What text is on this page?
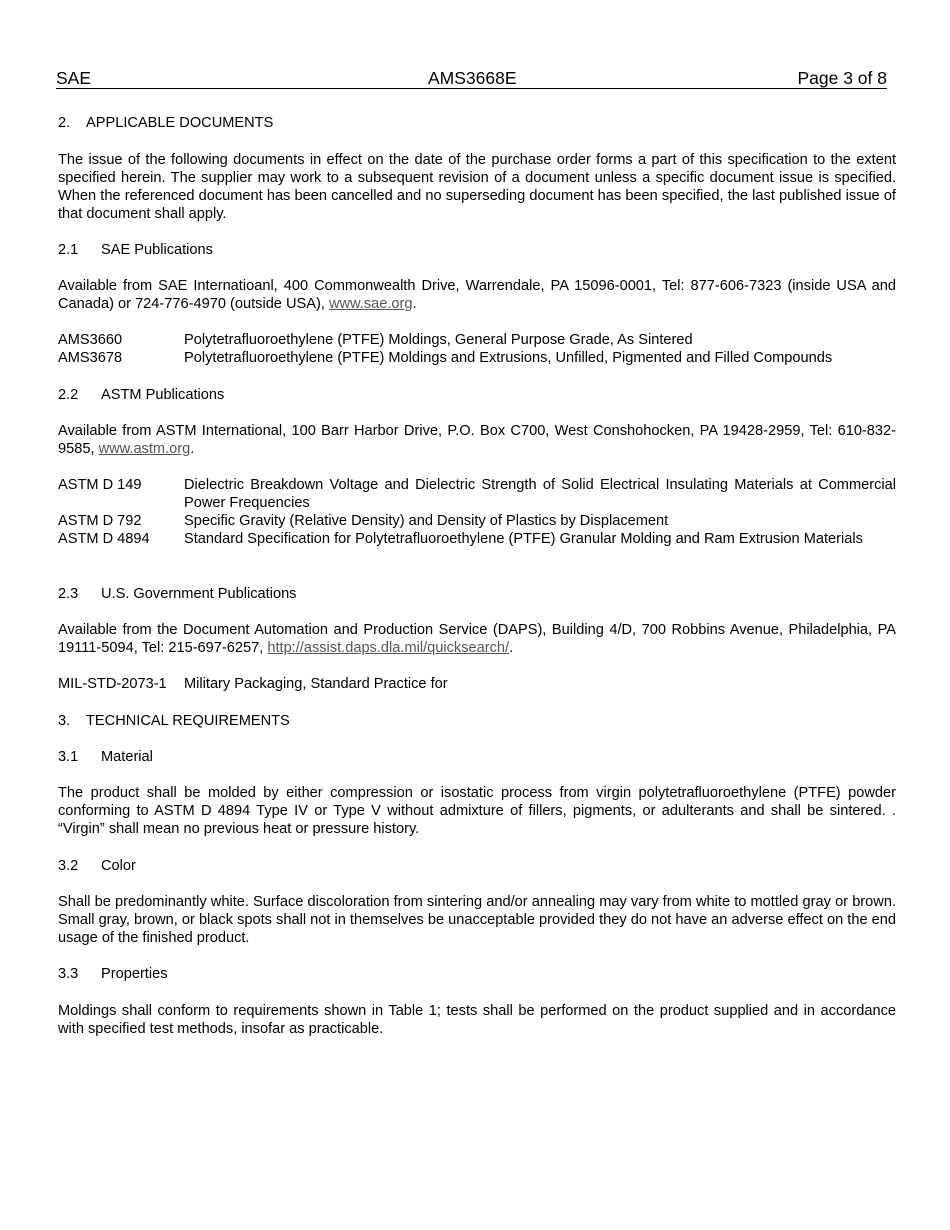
SAE	AMS3668E	Page 3 of 8
2. APPLICABLE DOCUMENTS
The issue of the following documents in effect on the date of the purchase order forms a part of this specification to the extent specified herein. The supplier may work to a subsequent revision of a document unless a specific document issue is specified. When the referenced document has been cancelled and no superseding document has been specified, the last published issue of that document shall apply.
2.1 SAE Publications
Available from SAE Internatioanl, 400 Commonwealth Drive, Warrendale, PA 15096-0001, Tel: 877-606-7323 (inside USA and Canada) or 724-776-4970 (outside USA), www.sae.org.
AMS3660	Polytetrafluoroethylene (PTFE) Moldings, General Purpose Grade, As Sintered
AMS3678	Polytetrafluoroethylene (PTFE) Moldings and Extrusions, Unfilled, Pigmented and Filled Compounds
2.2 ASTM Publications
Available from ASTM International, 100 Barr Harbor Drive, P.O. Box C700, West Conshohocken, PA 19428-2959, Tel: 610-832-9585, www.astm.org.
ASTM D 149	Dielectric Breakdown Voltage and Dielectric Strength of Solid Electrical Insulating Materials at Commercial Power Frequencies
ASTM D 792	Specific Gravity (Relative Density) and Density of Plastics by Displacement
ASTM D 4894 Standard Specification for Polytetrafluoroethylene (PTFE) Granular Molding and Ram Extrusion Materials
2.3 U.S. Government Publications
Available from the Document Automation and Production Service (DAPS), Building 4/D, 700 Robbins Avenue, Philadelphia, PA 19111-5094, Tel: 215-697-6257, http://assist.daps.dla.mil/quicksearch/.
MIL-STD-2073-1 Military Packaging, Standard Practice for
3. TECHNICAL REQUIREMENTS
3.1 Material
The product shall be molded by either compression or isostatic process from virgin polytetrafluoroethylene (PTFE) powder conforming to ASTM D 4894 Type IV or Type V without admixture of fillers, pigments, or adulterants and shall be sintered. . “Virgin” shall mean no previous heat or pressure history.
3.2 Color
Shall be predominantly white. Surface discoloration from sintering and/or annealing may vary from white to mottled gray or brown. Small gray, brown, or black spots shall not in themselves be unacceptable provided they do not have an adverse effect on the end usage of the finished product.
3.3 Properties
Moldings shall conform to requirements shown in Table 1; tests shall be performed on the product supplied and in accordance with specified test methods, insofar as practicable.
